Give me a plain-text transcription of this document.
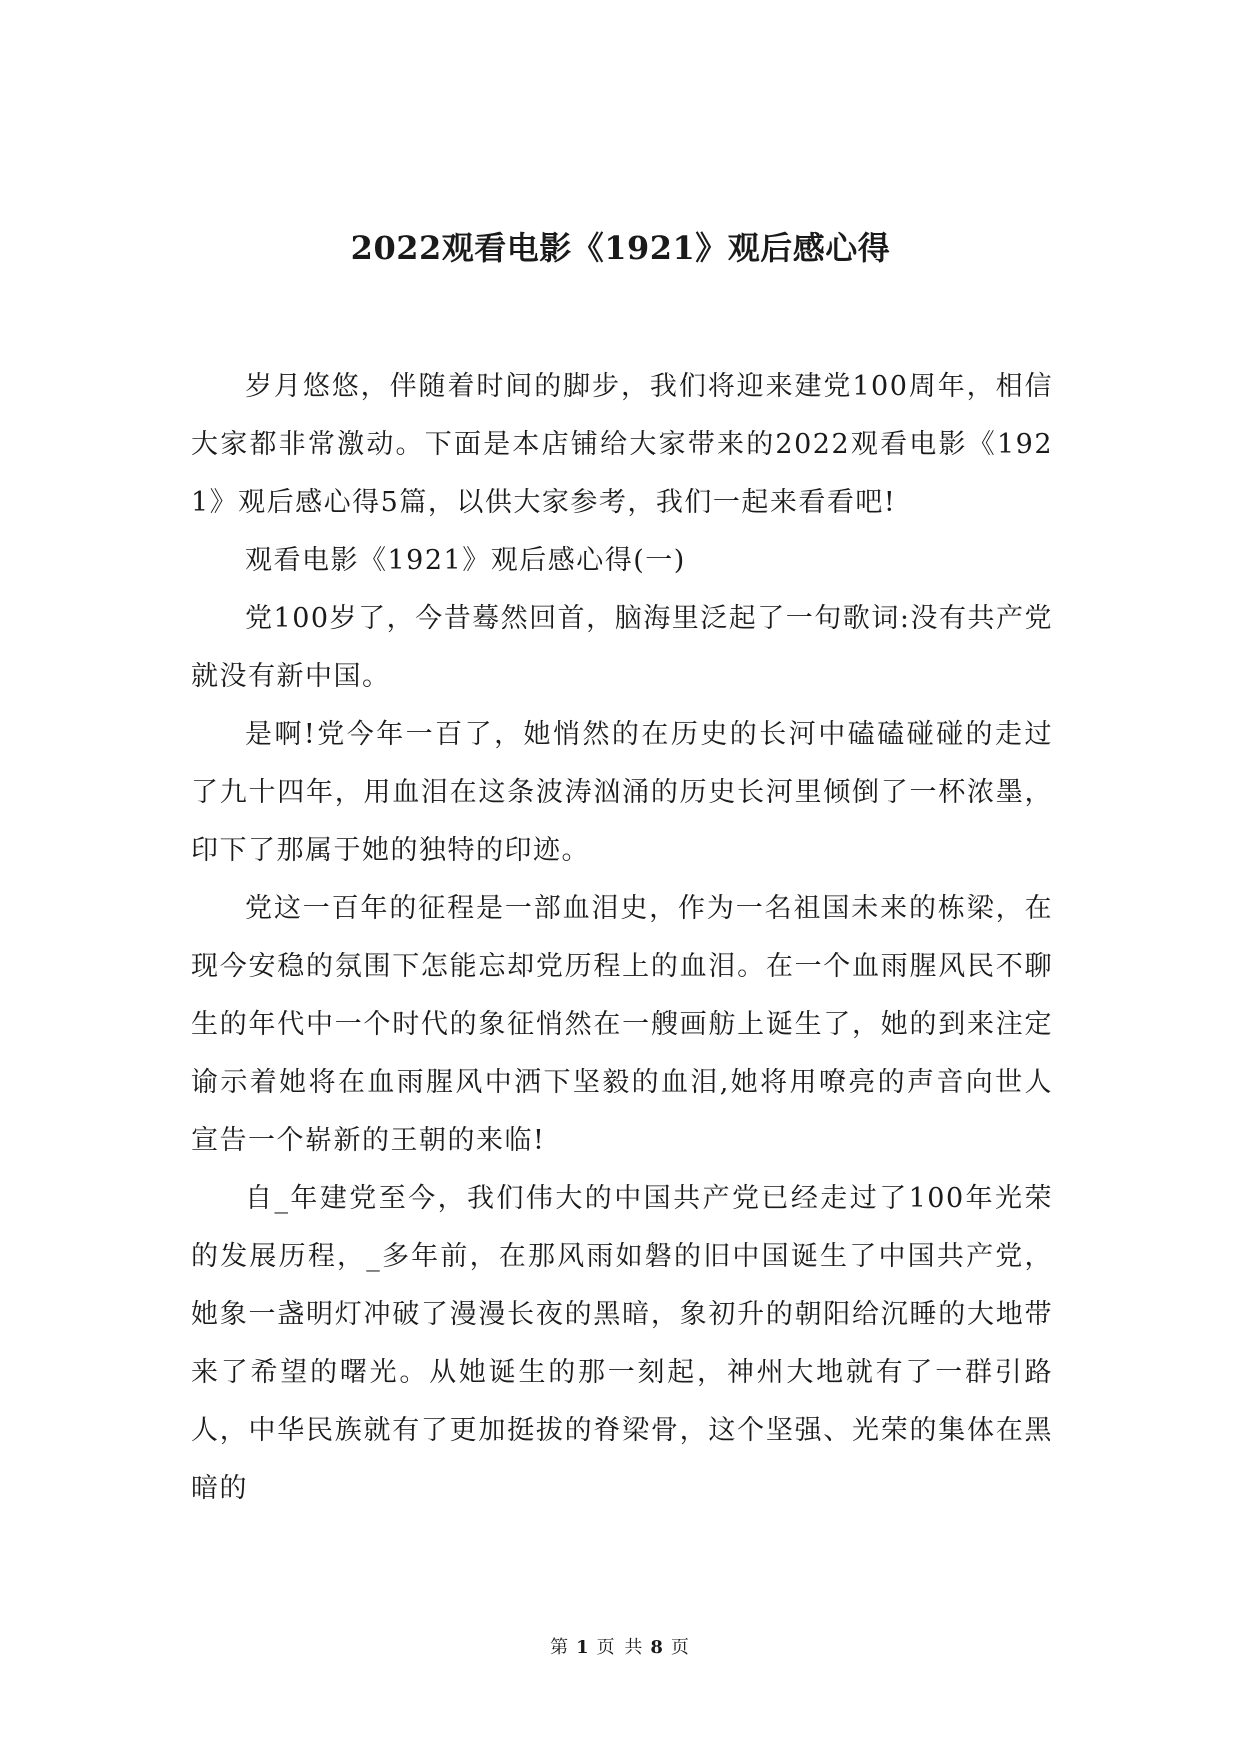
2022观看电影《1921》观后感心得

岁月悠悠，伴随着时间的脚步，我们将迎来建党100周年，相信大家都非常激动。下面是本店铺给大家带来的2022观看电影《1921》观后感心得5篇，以供大家参考，我们一起来看看吧!

观看电影《1921》观后感心得(一)

党100岁了，今昔蓦然回首，脑海里泛起了一句歌词:没有共产党就没有新中国。

是啊!党今年一百了，她悄然的在历史的长河中磕磕碰碰的走过了九十四年，用血泪在这条波涛汹涌的历史长河里倾倒了一杯浓墨，印下了那属于她的独特的印迹。

党这一百年的征程是一部血泪史，作为一名祖国未来的栋梁，在现今安稳的氛围下怎能忘却党历程上的血泪。在一个血雨腥风民不聊生的年代中一个时代的象征悄然在一艘画舫上诞生了，她的到来注定谕示着她将在血雨腥风中洒下坚毅的血泪,她将用嘹亮的声音向世人宣告一个崭新的王朝的来临!

自_年建党至今，我们伟大的中国共产党已经走过了100年光荣的发展历程，_多年前，在那风雨如磐的旧中国诞生了中国共产党，她象一盏明灯冲破了漫漫长夜的黑暗，象初升的朝阳给沉睡的大地带来了希望的曙光。从她诞生的那一刻起，神州大地就有了一群引路人，中华民族就有了更加挺拔的脊梁骨，这个坚强、光荣的集体在黑暗的

第 1 页 共 8 页
